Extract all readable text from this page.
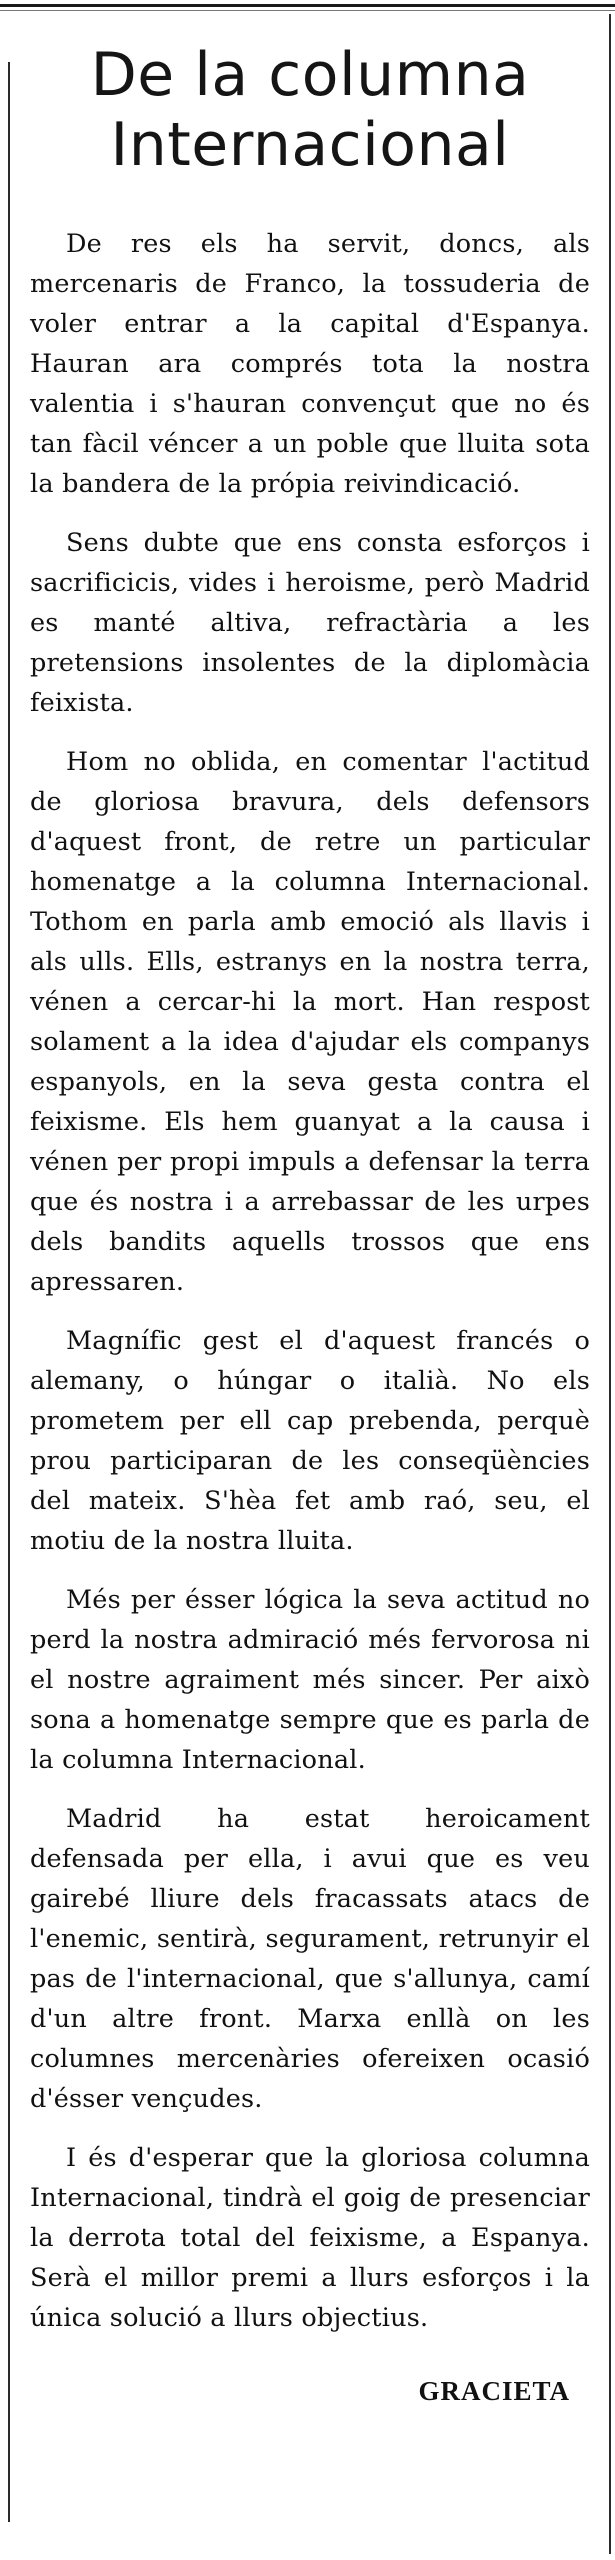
De la columna
Internacional

De res els ha servit, doncs, als mercenaris de Franco, la tossuderia de voler entrar a la capital d'Espanya. Hauran ara comprés tota la nostra valentia i s'hauran convençut que no és tan fàcil véncer a un poble que lluita sota la bandera de la própia reivindicació.

Sens dubte que ens consta esforços i sacrificicis, vides i heroisme, però Madrid es manté altiva, refractària a les pretensions insolentes de la diplomàcia feixista.

Hom no oblida, en comentar l'actitud de gloriosa bravura, dels defensors d'aquest front, de retre un particular homenatge a la columna Internacional. Tothom en parla amb emoció als llavis i als ulls. Ells, estranys en la nostra terra, vénen a cercar-hi la mort. Han respost solament a la idea d'ajudar els companys espanyols, en la seva gesta contra el feixisme. Els hem guanyat a la causa i vénen per propi impuls a defensar la terra que és nostra i a arrebassar de les urpes dels bandits aquells trossos que ens apressaren.

Magnífic gest el d'aquest francés o alemany, o húngar o italià. No els prometem per ell cap prebenda, perquè prou participaran de les conseqüències del mateix. S'hèa fet amb raó, seu, el motiu de la nostra lluita.

Més per ésser lógica la seva actitud no perd la nostra admiració més fervorosa ni el nostre agraiment més sincer. Per això sona a homenatge sempre que es parla de la columna Internacional.

Madrid ha estat heroicament defensada per ella, i avui que es veu gairebé lliure dels fracassats atacs de l'enemic, sentirà, segurament, retrunyir el pas de l'internacional, que s'allunya, camí d'un altre front. Marxa enllà on les columnes mercenàries ofereixen ocasió d'ésser vençudes.

I és d'esperar que la gloriosa columna Internacional, tindrà el goig de presenciar la derrota total del feixisme, a Espanya. Serà el millor premi a llurs esforços i la única solució a llurs objectius.

GRACIETA
